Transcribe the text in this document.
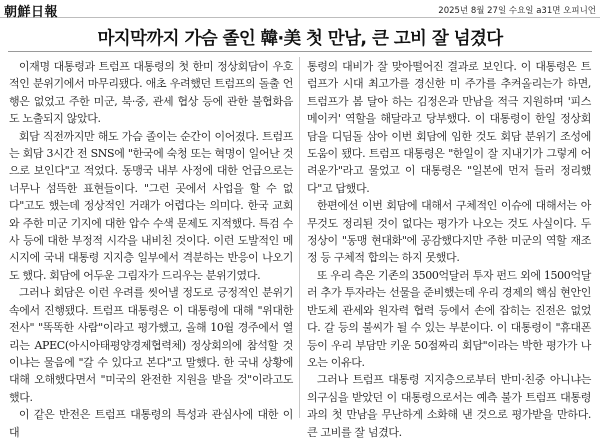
朝鮮日報	2025년 8월 27일 수요일 a31면 오피니언
마지막까지 가슴 졸인 韓·美 첫 만남, 큰 고비 잘 넘겼다

이재명 대통령과 트럼프 대통령의 첫 한미 정상회담이 우호적인 분위기에서 마무리됐다. 애초 우려했던 트럼프의 돌출 언행은 없었고 주한 미군, 북·중, 관세 협상 등에 관한 불협화음도 노출되지 않았다.

회담 직전까지만 해도 가슴 졸이는 순간이 이어졌다. 트럼프는 회담 3시간 전 SNS에 "한국에 숙청 또는 혁명이 일어난 것으로 보인다"고 적었다. 동맹국 내부 사정에 대한 언급으로는 너무나 섬뜩한 표현들이다. "그런 곳에서 사업을 할 수 없다"고도 했는데 정상적인 거래가 어렵다는 의미다. 한국 교회와 주한 미군 기지에 대한 압수 수색 문제도 지적했다. 특검 수사 등에 대한 부정적 시각을 내비친 것이다. 이런 도발적인 메시지에 국내 대통령 지지층 일부에서 격분하는 반응이 나오기도 했다. 회담에 어두운 그림자가 드리우는 분위기였다.

그러나 회담은 이런 우려를 씻어낼 정도로 긍정적인 분위기 속에서 진행됐다. 트럼프 대통령은 이 대통령에 대해 "위대한 전사" "똑똑한 사람"이라고 평가했고, 올해 10월 경주에서 열리는 APEC(아시아태평양경제협력체) 정상회의에 참석할 것이냐는 물음에 "갈 수 있다고 본다"고 말했다. 한 국내 상황에 대해 오해했다면서 "미국의 완전한 지원을 받을 것"이라고도 했다.

이 같은 반전은 트럼프 대통령의 특성과 관심사에 대한 이 대

통령의 대비가 잘 맞아떨어진 결과로 보인다. 이 대통령은 트럼프가 시대 최고가를 경신한 미 주가를 추켜올리는가 하면, 트럼프가 봄 달아 하는 김정은과 만남을 적극 지원하며 '피스 메이커' 역할을 해달라고 당부했다. 이 대통령이 한일 정상회담을 디딤돌 삼아 이번 회담에 임한 것도 회담 분위기 조성에 도움이 됐다. 트럼프 대통령은 "한일이 잘 지내기가 그렇게 어려운가"라고 물었고 이 대통령은 "일본에 먼저 들러 정리했다"고 답했다.

한편에선 이번 회담에 대해서 구체적인 이슈에 대해서는 아무것도 정리된 것이 없다는 평가가 나오는 것도 사실이다. 두 정상이 "동맹 현대화"에 공감했다지만 주한 미군의 역할 재조정 등 구체적 합의는 하지 못했다.

또 우리 측은 기존의 3500억달러 투자 펀드 외에 1500억달러 추가 투자라는 선물을 준비했는데 우리 경제의 핵심 현안인 반도체 관세와 원자력 협력 등에서 손에 잡히는 진전은 없었다. 갈 등의 불씨가 될 수 있는 부분이다. 이 대통령이 "휴대폰 등이 우리 부담만 키운 50점짜리 회담"이라는 박한 평가가 나오는 이유다.

그러나 트럼프 대통령 지지층으로부터 반미·친중 아니냐는 의구심을 받았던 이 대통령으로서는 예측 불가 트럼프 대통령과의 첫 만남을 무난하게 소화해 낸 것으로 평가받을 만하다. 큰 고비를 잘 넘겼다.
